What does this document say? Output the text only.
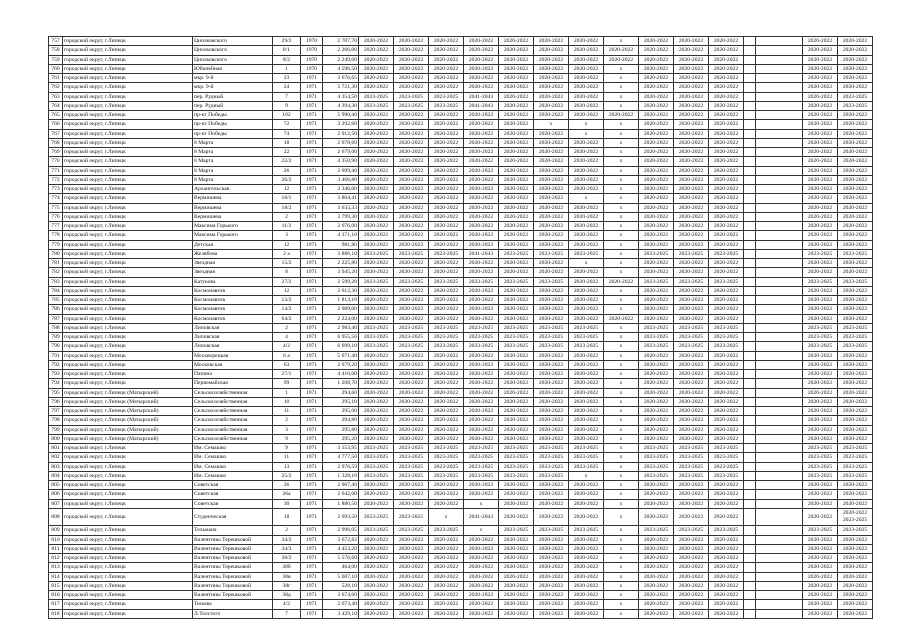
757	городской округ, г.Липецк	Циолковского	29/2	1970	2 707,70	2020-2022	2020-2022	2020-2022	2020-2022	2020-2022	2020-2022	2020-2022	x	2020-2022	2020-2022	2020-2022			2020-2022	2020-2022
758	городской округ, г.Липецк	Циолковского	8/1	1970	2 266,00	2020-2022	2020-2022	2020-2022	2020-2022	2020-2022	2020-2022	2020-2022	2020-2022	2020-2022	2020-2022	2020-2022			2020-2022	2020-2022
759	городской округ, г.Липецк	Циолковского	8/2	1970	2 249,00	2020-2022	2020-2022	2020-2022	2020-2022	2020-2022	2020-2022	2020-2022	2020-2022	2020-2022	2020-2022	2020-2022			2020-2022	2020-2022
760	городской округ, г.Липецк	Юбилейная	1	1970	4 596,50	2020-2022	2020-2022	2020-2022	2020-2022	2020-2022	2020-2022	2020-2022	x	2020-2022	2020-2022	2020-2022			2020-2022	2020-2022
761	городской округ, г.Липецк	мкр. 9-й	23	1971	3 676,65	2020-2022	2020-2022	2020-2022	2020-2022	2020-2022	2020-2022	2020-2022	x	2020-2022	2020-2022	2020-2022			2020-2022	2020-2022
762	городской округ, г.Липецк	мкр. 9-й	24	1971	5 721,30	2020-2022	2020-2022	2020-2022	2020-2022	2020-2022	2020-2022	2020-2022	x	2020-2022	2020-2022	2020-2022			2020-2022	2020-2022
763	городской округ, г.Липецк	пер. Рудный	7	1971	4 354,50	2023-2025	2023-2025	2023-2025	2041-2043	2020-2022	2020-2022	2020-2022	x	2020-2022	2020-2022	2020-2022			2020-2022	2023-2025
764	городской округ, г.Липецк	пер. Рудный	9	1971	4 394,30	2023-2025	2023-2025	2023-2025	2041-2043	2020-2022	2020-2022	2020-2022	x	2020-2022	2020-2022	2020-2022			2020-2022	2023-2025
765	городской округ, г.Липецк	пр-кт Победы	102	1971	5 990,40	2020-2022	2020-2022	2020-2022	2020-2022	2020-2022	2020-2022	2020-2022	2020-2022	2020-2022	2020-2022	2020-2022			2020-2022	2020-2022
766	городской округ, г.Липецк	пр-кт Победы	72	1971	3 292,60	2020-2022	2020-2022	2020-2022	2020-2022	2020-2022	x	x	x	2020-2022	2020-2022	2020-2022			2020-2022	2020-2022
767	городской округ, г.Липецк	пр-кт Победы	74	1971	2 912,50	2020-2022	2020-2022	2020-2022	2020-2022	2020-2022	2020-2022	x	x	2020-2022	2020-2022	2020-2022			2020-2022	2020-2022
768	городской округ, г.Липецк	8 Марта	18	1971	2 678,60	2020-2022	2020-2022	2020-2022	2020-2022	2020-2022	2020-2022	2020-2022	x	2020-2022	2020-2022	2020-2022			2020-2022	2020-2022
769	городской округ, г.Липецк	8 Марта	22	1971	2 679,00	2020-2022	2020-2022	2020-2022	2020-2022	2020-2022	2020-2022	2020-2022	x	2020-2022	2020-2022	2020-2022			2020-2022	2020-2022
770	городской округ, г.Липецк	8 Марта	22/2	1971	4 350,90	2020-2022	2020-2022	2020-2022	2020-2022	2020-2022	2020-2022	2020-2022	x	2020-2022	2020-2022	2020-2022			2020-2022	2020-2022
771	городской округ, г.Липецк	8 Марта	26	1971	2 699,40	2020-2022	2020-2022	2020-2022	2020-2022	2020-2022	2020-2022	2020-2022	x	2020-2022	2020-2022	2020-2022			2020-2022	2020-2022
772	городской округ, г.Липецк	8 Марта	26/2	1971	3 466,80	2020-2022	2020-2022	2020-2022	2020-2022	2020-2022	2020-2022	2020-2022	x	2020-2022	2020-2022	2020-2022			2020-2022	2020-2022
773	городской округ, г.Липецк	Архангельская	12	1971	3 346,00	2020-2022	2020-2022	2020-2022	2020-2022	2020-2022	2020-2022	2020-2022	x	2020-2022	2020-2022	2020-2022			2020-2022	2020-2022
774	городской округ, г.Липецк	Вермишева	18/1	1971	3 804,41	2020-2022	2020-2022	2020-2022	2020-2022	2020-2022	2020-2022	x	x	2020-2022	2020-2022	2020-2022			2020-2022	2020-2022
775	городской округ, г.Липецк	Вермишева	18/2	1971	3 633,33	2020-2022	2020-2022	2020-2022	2020-2022	2020-2022	2020-2022	2020-2022	x	2020-2022	2020-2022	2020-2022			2020-2022	2020-2022
776	городской округ, г.Липецк	Вермишева	2	1971	3 799,30	2020-2022	2020-2022	2020-2022	2020-2022	2020-2022	2020-2022	2020-2022	x	2020-2022	2020-2022	2020-2022			2020-2022	2020-2022
777	городской округ, г.Липецк	Максима Горького	11/2	1971	2 676,00	2020-2022	2020-2022	2020-2022	2020-2022	2020-2022	2020-2022	2020-2022	x	2020-2022	2020-2022	2020-2022			2020-2022	2020-2022
778	городской округ, г.Липецк	Максима Горького	3	1971	4 371,10	2020-2022	2020-2022	2020-2022	2020-2022	2020-2022	2020-2022	2020-2022	x	2020-2022	2020-2022	2020-2022			2020-2022	2020-2022
779	городской округ, г.Липецк	Детская	12	1971	981,80	2020-2022	2020-2022	2020-2022	2020-2022	2020-2022	2020-2022	2020-2022	x	2020-2022	2020-2022	2020-2022			2020-2022	2020-2022
780	городской округ, г.Липецк	Желябова	2 а	1971	3 886,10	2023-2025	2023-2025	2023-2025	2041-2043	2023-2025	2023-2025	2023-2025	x	2023-2025	2023-2025	2023-2025			2023-2025	2023-2025
781	городской округ, г.Липецк	Звездная	15/2	1971	2 225,80	2020-2022	2020-2022	2020-2022	2020-2022	2020-2022	2020-2022	x	x	2020-2022	2020-2022	2020-2022			2020-2022	2020-2022
782	городской округ, г.Липецк	Звездная	8	1971	3 945,20	2020-2022	2020-2022	2020-2022	2020-2022	2020-2022	2020-2022	2020-2022	x	2020-2022	2020-2022	2020-2022			2020-2022	2020-2022
783	городской округ, г.Липецк	Катукова	27/2	1971	2 599,20	2023-2025	2023-2025	2023-2025	2023-2025	2023-2025	2023-2025	2020-2022	2020-2022	2023-2025	2023-2025	2023-2025			2023-2025	2023-2025
784	городской округ, г.Липецк	Космонавтов	12	1971	2 612,30	2020-2022	2020-2022	2020-2022	2020-2022	2020-2022	2020-2022	2020-2022	x	2020-2022	2020-2022	2020-2022			2020-2022	2020-2022
785	городской округ, г.Липецк	Космонавтов	13/2	1971	1 813,10	2020-2022	2020-2022	2020-2022	2020-2022	2020-2022	2020-2022	2020-2022	x	2020-2022	2020-2022	2020-2022			2020-2022	2020-2022
786	городской округ, г.Липецк	Космонавтов	14/2	1971	2 689,00	2020-2022	2020-2022	2020-2022	2020-2022	2020-2022	2020-2022	2020-2022	x	2020-2022	2020-2022	2020-2022			2020-2022	2020-2022
787	городской округ, г.Липецк	Космонавтов	64/2	1971	2 224,00	2020-2022	2020-2022	2020-2022	2020-2022	2020-2022	2020-2022	2020-2022	2020-2022	2020-2022	2020-2022	2020-2022			2020-2022	2020-2022
788	городской округ, г.Липецк	Липовская	2	1971	2 983,40	2023-2025	2023-2025	2023-2025	2023-2025	2023-2025	2023-2025	2023-2025	x	2023-2025	2023-2025	2023-2025			2023-2025	2023-2025
789	городской округ, г.Липецк	Липовская	4	1971	6 955,56	2023-2025	2023-2025	2023-2025	2023-2025	2023-2025	2023-2025	2023-2025	x	2023-2025	2023-2025	2023-2025			2023-2025	2023-2025
790	городской округ, г.Липецк	Липовская	4/2	1971	6 699,10	2023-2025	2023-2025	2023-2025	2023-2025	2023-2025	2023-2025	2023-2025	x	2023-2025	2023-2025	2023-2025			2023-2025	2023-2025
791	городской округ, г.Липецк	Москворецкая	6 а	1971	5 671,40	2020-2022	2020-2022	2020-2022	2020-2022	2020-2022	2020-2022	2020-2022	x	2020-2022	2020-2022	2020-2022			2020-2022	2020-2022
792	городской округ, г.Липецк	Московская	63	1971	2 679,20	2020-2022	2020-2022	2020-2022	2020-2022	2020-2022	2020-2022	2020-2022	x	2020-2022	2020-2022	2020-2022			2020-2022	2020-2022
793	городской округ, г.Липецк	Папина	27/1	1971	4 416,00	2020-2022	2020-2022	2020-2022	2020-2022	2020-2022	2020-2022	2020-2022	x	2020-2022	2020-2022	2020-2022			2020-2022	2020-2022
794	городской округ, г.Липецк	Первомайская	99	1971	1 208,70	2020-2022	2020-2022	2020-2022	2020-2022	2020-2022	2020-2022	2020-2022	x	2020-2022	2020-2022	2020-2022			2020-2022	2020-2022
795	городской округ, г.Липецк (Матырский)	Сельскохозяйственная	1	1971	294,60	2020-2022	2020-2022	2020-2022	2020-2022	2020-2022	2020-2022	2020-2022	x	2020-2022	2020-2022	2020-2022			2020-2022	2020-2022
796	городской округ, г.Липецк (Матырский)	Сельскохозяйственная	10	1971	295,10	2020-2022	2020-2022	2020-2022	2020-2022	2020-2022	2020-2022	2020-2022	x	2020-2022	2020-2022	2020-2022			2020-2022	2020-2022
797	городской округ, г.Липецк (Матырский)	Сельскохозяйственная	11	1971	295,00	2020-2022	2020-2022	2020-2022	2020-2022	2020-2022	2020-2022	2020-2022	x	2020-2022	2020-2022	2020-2022			2020-2022	2020-2022
798	городской округ, г.Липецк (Матырский)	Сельскохозяйственная	2	1971	294,80	2020-2022	2020-2022	2020-2022	2020-2022	2020-2022	2020-2022	2020-2022	x	2020-2022	2020-2022	2020-2022			2020-2022	2020-2022
799	городской округ, г.Липецк (Матырский)	Сельскохозяйственная	3	1971	295,80	2020-2022	2020-2022	2020-2022	2020-2022	2020-2022	2020-2022	2020-2022	x	2020-2022	2020-2022	2020-2022			2020-2022	2020-2022
800	городской округ, г.Липецк (Матырский)	Сельскохозяйственная	9	1971	295,20	2020-2022	2020-2022	2020-2022	2020-2022	2020-2022	2020-2022	2020-2022	x	2020-2022	2020-2022	2020-2022			2020-2022	2020-2022
801	городской округ, г.Липецк	Им. Семашко	9	1971	3 153,95	2023-2025	2023-2025	2023-2025	2023-2025	2023-2025	2023-2025	2023-2025	x	2023-2025	2023-2025	2023-2025			2023-2025	2023-2025
802	городской округ, г.Липецк	Им. Семашко	11	1971	4 777,50	2023-2025	2023-2025	2023-2025	2023-2025	2023-2025	2023-2025	2023-2025	x	2023-2025	2023-2025	2023-2025			2023-2025	2023-2025
803	городской округ, г.Липецк	Им. Семашко	13	1971	2 976,59	2023-2025	2023-2025	2023-2025	2023-2025	2023-2025	2023-2025	2023-2025	x	2023-2025	2023-2025	2023-2025			2023-2025	2023-2025
804	городской округ, г.Липецк	Им. Семашко	25/2	1971	1 328,10	2023-2025	2023-2025	2023-2025	2023-2025	2023-2025	2023-2025	x	x	2023-2025	2023-2025	2023-2025			2023-2025	2023-2025
805	городской округ, г.Липецк	Советская	26	1971	2 067,40	2020-2022	2020-2022	2020-2022	2020-2022	2020-2022	2020-2022	2020-2022	x	2020-2022	2020-2022	2020-2022			2020-2022	2020-2022
806	городской округ, г.Липецк	Советская	26а	1971	2 642,00	2020-2022	2020-2022	2020-2022	2020-2022	2020-2022	2020-2022	2020-2022	x	2020-2022	2020-2022	2020-2022			2020-2022	2020-2022
807	городской округ, г.Липецк	Советская	30	1971	1 886,50	2020-2022	2020-2022	2020-2022	x	2020-2022	2020-2022	2020-2022	x	2020-2022	2020-2022	2020-2022			2020-2022	2020-2022
808	городской округ, г.Липецк	Студенческая	18	1971	2 693,50	2023-2025	2023-2025	x	2041-2043	2020-2022	2020-2022	2020-2022	x	2020-2022	2020-2022	2020-2022			2020-2022	2020-2022
2023-2025
809	городской округ, г.Липецк	Тельмана	2	1971	2 996,05	2023-2025	2023-2025	2023-2025	x	2023-2025	2023-2025	2023-2025	x	2023-2025	2023-2025	2023-2025			2023-2025	2023-2025
810	городской округ, г.Липецк	Валентины Терешковой	34/2	1971	3 672,82	2020-2022	2020-2022	2020-2022	2020-2022	2020-2022	2020-2022	2020-2022	x	2020-2022	2020-2022	2020-2022			2020-2022	2020-2022
811	городской округ, г.Липецк	Валентины Терешковой	34/3	1971	4 453,20	2020-2022	2020-2022	2020-2022	2020-2022	2020-2022	2020-2022	2020-2022	x	2020-2022	2020-2022	2020-2022			2020-2022	2020-2022
812	городской округ, г.Липецк	Валентины Терешковой	38/2	1971	5 576,60	2020-2022	2020-2022	2020-2022	2020-2022	2020-2022	2020-2022	2020-2022	x	2020-2022	2020-2022	2020-2022			2020-2022	2020-2022
813	городской округ, г.Липецк	Валентины Терешковой	38б	1971	464,00	2020-2022	2020-2022	2020-2022	2020-2022	2020-2022	2020-2022	2020-2022	x	2020-2022	2020-2022	2020-2022			2020-2022	2020-2022
814	городской округ, г.Липецк	Валентины Терешковой	38в	1971	5 607,10	2020-2022	2020-2022	2020-2022	2020-2022	2020-2022	2020-2022	2020-2022	x	2020-2022	2020-2022	2020-2022			2020-2022	2020-2022
815	городской округ, г.Липецк	Валентины Терешковой	38г	1971	528,10	2020-2022	2020-2022	2020-2022	2020-2022	2020-2022	2020-2022	2020-2022	x	2020-2022	2020-2022	2020-2022			2020-2022	2020-2022
816	городской округ, г.Липецк	Валентины Терешковой	38д	1971	3 674,60	2020-2022	2020-2022	2020-2022	2020-2022	2020-2022	2020-2022	2020-2022	x	2020-2022	2020-2022	2020-2022			2020-2022	2020-2022
817	городской округ, г.Липецк	Тюкова	4/2	1971	2 673,40	2020-2022	2020-2022	2020-2022	2020-2022	2020-2022	2020-2022	2020-2022	x	2020-2022	2020-2022	2020-2022			2020-2022	2020-2022
818	городской округ, г.Липецк	Л.Толстого	7	1971	3 429,10	2020-2022	2020-2022	2020-2022	2020-2022	2020-2022	2020-2022	2020-2022	x	2020-2022	2020-2022	2020-2022			2020-2022	2020-2022
